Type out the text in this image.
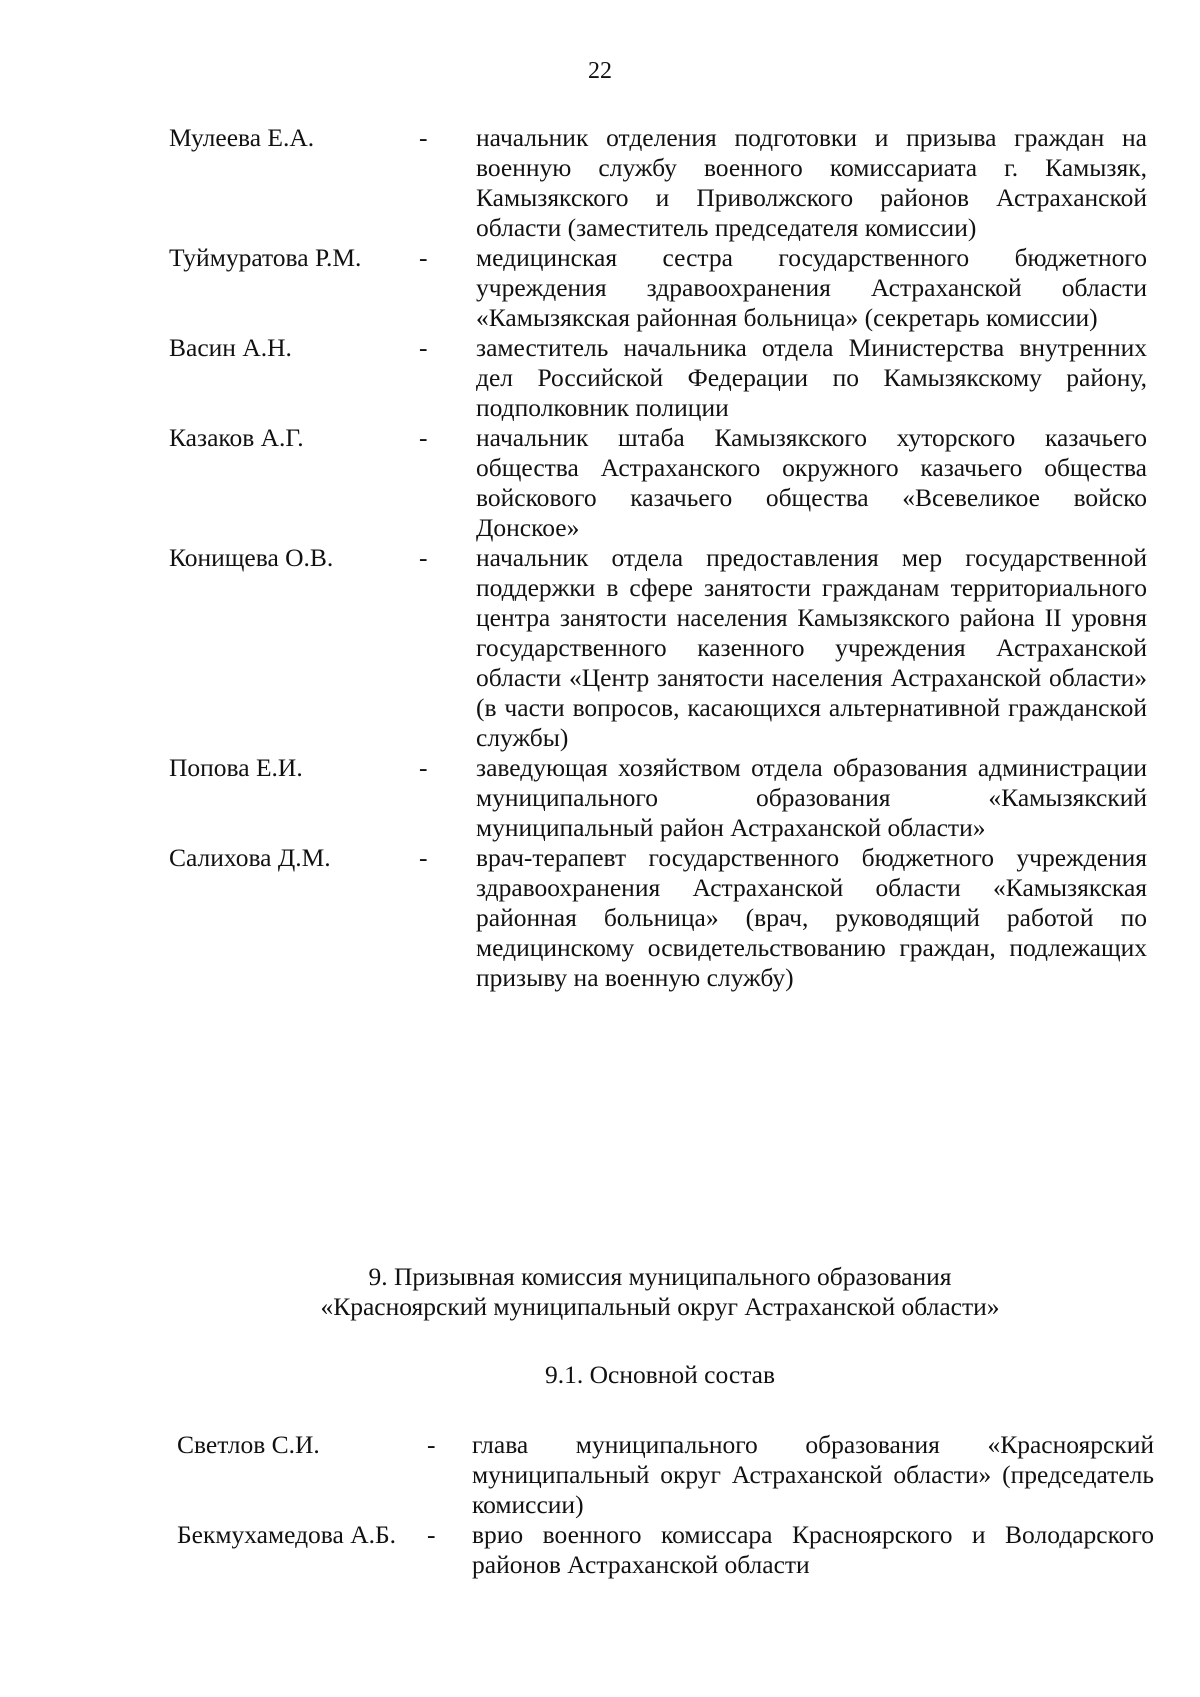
22
Мулеева Е.А.	-	начальник отделения подготовки и призыва граждан на военную службу военного комиссариата г. Камызяк, Камызякского и Приволжского районов Астраханской области (заместитель председателя комиссии)
Туймуратова Р.М.	-	медицинская сестра государственного бюджетного учреждения здравоохранения Астраханской области «Камызякская районная больница» (секретарь комиссии)
Васин А.Н.	-	заместитель начальника отдела Министерства внутренних дел Российской Федерации по Камызякскому району, подполковник полиции
Казаков А.Г.	-	начальник штаба Камызякского хуторского казачьего общества Астраханского окружного казачьего общества войскового казачьего общества «Всевеликое войско Донское»
Конищева О.В.	-	начальник отдела предоставления мер государственной поддержки в сфере занятости гражданам территориального центра занятости населения Камызякского района II уровня государственного казенного учреждения Астраханской области «Центр занятости населения Астраханской области» (в части вопросов, касающихся альтернативной гражданской службы)
Попова Е.И.	-	заведующая хозяйством отдела образования администрации муниципального образования «Камызякский муниципальный район Астраханской области»
Салихова Д.М.	-	врач-терапевт государственного бюджетного учреждения здравоохранения Астраханской области «Камызякская районная больница» (врач, руководящий работой по медицинскому освидетельствованию граждан, подлежащих призыву на военную службу)
9. Призывная комиссия муниципального образования
«Красноярский муниципальный округ Астраханской области»
9.1. Основной состав
Светлов С.И.	-	глава муниципального образования «Красноярский муниципальный округ Астраханской области» (председатель комиссии)
Бекмухамедова А.Б.	-	врио военного комиссара Красноярского и Володарского районов Астраханской области
